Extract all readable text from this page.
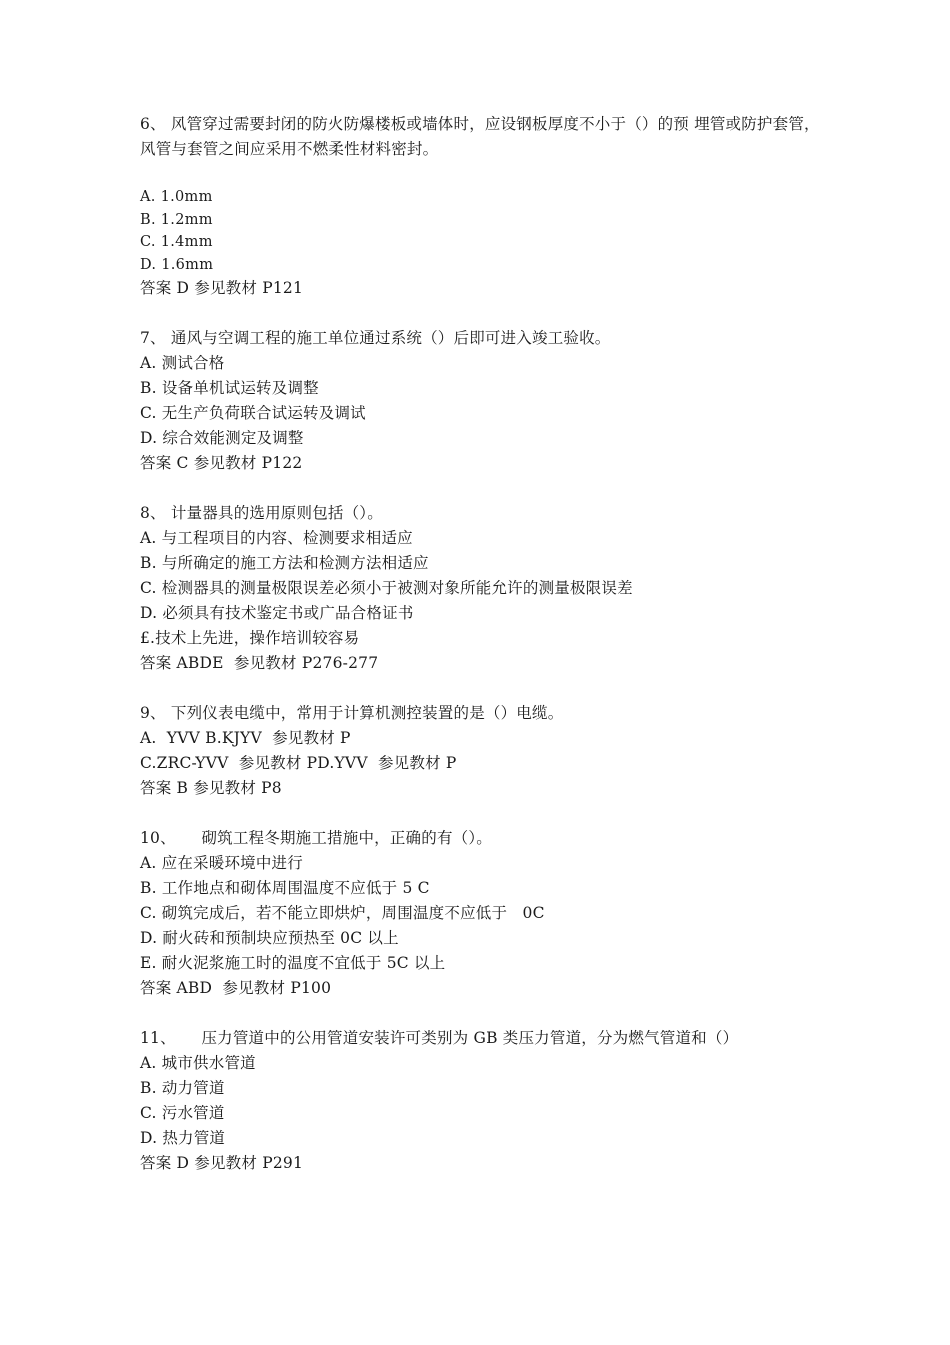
6、 风管穿过需要封闭的防火防爆楼板或墙体时，应设钢板厚度不小于（）的预 埋管或防护套管，风管与套管之间应采用不燃柔性材料密封。
A. 1.0mm
B. 1.2mm
C. 1.4mm
D. 1.6mm
答案 D 参见教材 P121
7、 通风与空调工程的施工单位通过系统（）后即可进入竣工验收。
A. 测试合格
B. 设备单机试运转及调整
C. 无生产负荷联合试运转及调试
D. 综合效能测定及调整
答案 C 参见教材 P122
8、 计量器具的选用原则包括（）。
A. 与工程项目的内容、检测要求相适应
B. 与所确定的施工方法和检测方法相适应
C. 检测器具的测量极限误差必须小于被测对象所能允许的测量极限误差
D. 必须具有技术鉴定书或广品合格证书
£.技术上先进，操作培训较容易
答案 ABDE  参见教材 P276-277
9、 下列仪表电缆中，常用于计算机测控装置的是（）电缆。
A.  YVV B.KJYV  参见教材 P
C.ZRC-YVV  参见教材 PD.YVV  参见教材 P
答案 B 参见教材 P8
10、     砌筑工程冬期施工措施中，正确的有（）。
A. 应在采暖环境中进行
B. 工作地点和砌体周围温度不应低于 5 C
C. 砌筑完成后，若不能立即烘炉，周围温度不应低于   0C
D. 耐火砖和预制块应预热至 0C 以上
E. 耐火泥浆施工时的温度不宜低于 5C 以上
答案 ABD  参见教材 P100
11、     压力管道中的公用管道安装许可类别为 GB 类压力管道，分为燃气管道和（）
A. 城市供水管道
B. 动力管道
C. 污水管道
D. 热力管道
答案 D 参见教材 P291
